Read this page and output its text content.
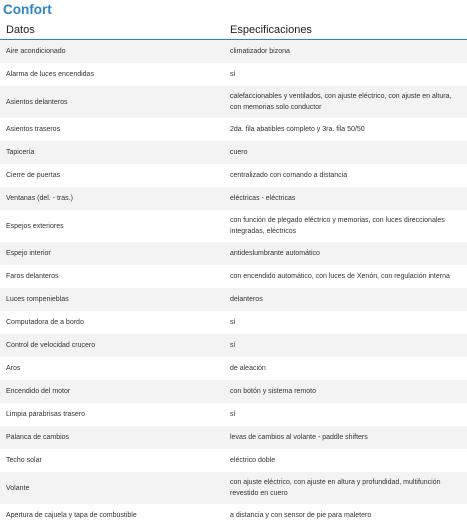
Confort
Datos	Especificaciones
Aire acondicionado	climatizador bizona
Alarma de luces encendidas	sí
Asientos delanteros	calefaccionables y ventilados, con ajuste eléctrico, con ajuste en altura, con memorias solo conductor
Asientos traseros	2da. fila abatibles completo y 3ra. fila 50/50
Tapicería	cuero
Cierre de puertas	centralizado con comando a distancia
Ventanas (del. - tras.)	eléctricas - eléctricas
Espejos exteriores	con función de plegado eléctrico y memorias, con luces direccionales integradas, eléctricos
Espejo interior	antideslumbrante automático
Faros delanteros	con encendido automático, con luces de Xenón, con regulación interna
Luces rompenieblas	delanteros
Computadora de a bordo	sí
Control de velocidad crucero	sí
Aros	de aleación
Encendido del motor	con botón y sistema remoto
Limpia parabrisas trasero	sí
Palanca de cambios	levas de cambios al volante - paddle shifters
Techo solar	eléctrico doble
Volante	con ajuste eléctrico, con ajuste en altura y profundidad, multifunción revestido en cuero
Apertura de cajuela y tapa de combustible	a distancia y con sensor de pie para maletero
